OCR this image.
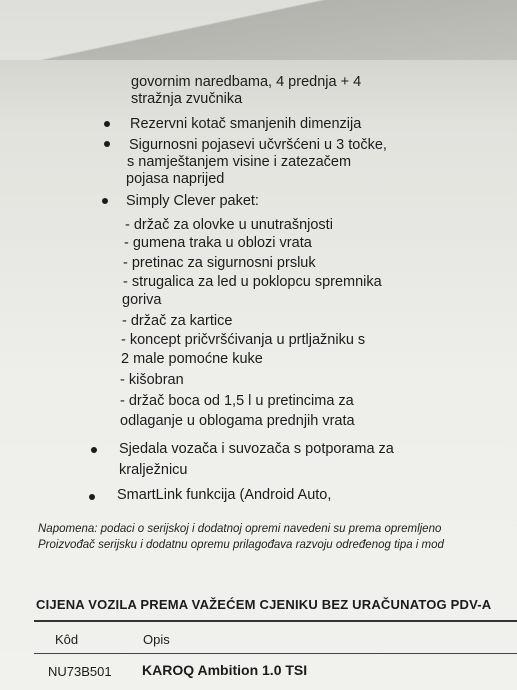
govornim naredbama, 4 prednja + 4
stražnja zvučnika
Rezervni kotač smanjenih dimenzija
Sigurnosni pojasevi učvršćeni u 3 točke,
s namještanjem visine i zatezačem
pojasa naprijed
Simply Clever paket:
- držač za olovke u unutrašnjosti
- gumena traka u oblozi vrata
- pretinac za sigurnosni prsluk
- strugalica za led u poklopcu spremnika
goriva
- držač za kartice
- koncept pričvršćivanja u prtljažniku s
2 male pomoćne kuke
- kišobran
- držač boca od 1,5 l u pretincima za
odlaganje u oblogama prednjih vrata
Sjedala vozača i suvozača s potporama za
kralježnicu
SmartLink funkcija (Android Auto,
Napomena: podaci o serijskoj i dodatnoj opremi navedeni su prema opremljeno
Proizvođač serijsku i dodatnu opremu prilagođava razvoju određenog tipa i mod
CIJENA VOZILA PREMA VAŽEĆEM CJENIKU BEZ URAČUNATOG PDV-A
Kôd	Opis
NU73B501 KAROQ Ambition 1.0 TSI
